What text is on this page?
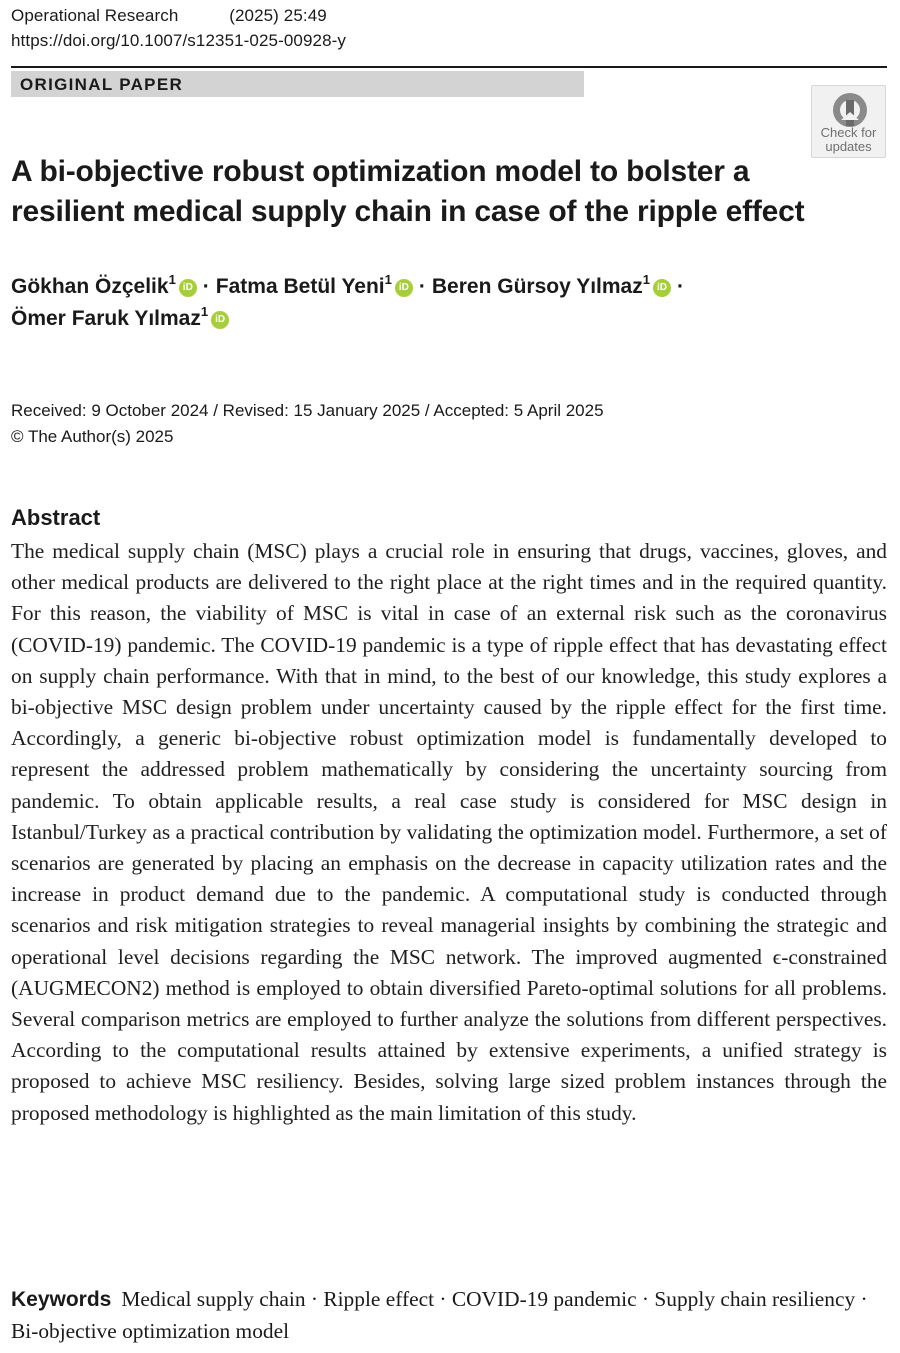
Operational Research	(2025) 25:49
https://doi.org/10.1007/s12351-025-00928-y
ORIGINAL PAPER
Check for updates
A bi-objective robust optimization model to bolster a resilient medical supply chain in case of the ripple effect
Gökhan Özçelik$^1$iD · Fatma Betül Yeni$^1$iD · Beren Gürsoy Yılmaz$^1$iD ·
Ömer Faruk Yılmaz$^1$iD
Received: 9 October 2024 / Revised: 15 January 2025 / Accepted: 5 April 2025
© The Author(s) 2025
Abstract

The medical supply chain (MSC) plays a crucial role in ensuring that drugs, vaccines, gloves, and other medical products are delivered to the right place at the right times and in the required quantity. For this reason, the viability of MSC is vital in case of an external risk such as the coronavirus (COVID-19) pandemic. The COVID-19 pandemic is a type of ripple effect that has devastating effect on supply chain performance. With that in mind, to the best of our knowledge, this study explores a bi-objective MSC design problem under uncertainty caused by the ripple effect for the first time. Accordingly, a generic bi-objective robust optimization model is fundamentally developed to represent the addressed problem mathematically by considering the uncertainty sourcing from pandemic. To obtain applicable results, a real case study is considered for MSC design in Istanbul/Turkey as a practical contribution by validating the optimization model. Furthermore, a set of scenarios are generated by placing an emphasis on the decrease in capacity utilization rates and the increase in product demand due to the pandemic. A computational study is conducted through scenarios and risk mitigation strategies to reveal managerial insights by combining the strategic and operational level decisions regarding the MSC network. The improved augmented ϵ-constrained (AUGMECON2) method is employed to obtain diversified Pareto-optimal solutions for all problems. Several comparison metrics are employed to further analyze the solutions from different perspectives. According to the computational results attained by extensive experiments, a unified strategy is proposed to achieve MSC resiliency. Besides, solving large sized problem instances through the proposed methodology is highlighted as the main limitation of this study.

Keywords Medical supply chain · Ripple effect · COVID-19 pandemic · Supply chain resiliency · Bi-objective optimization model
